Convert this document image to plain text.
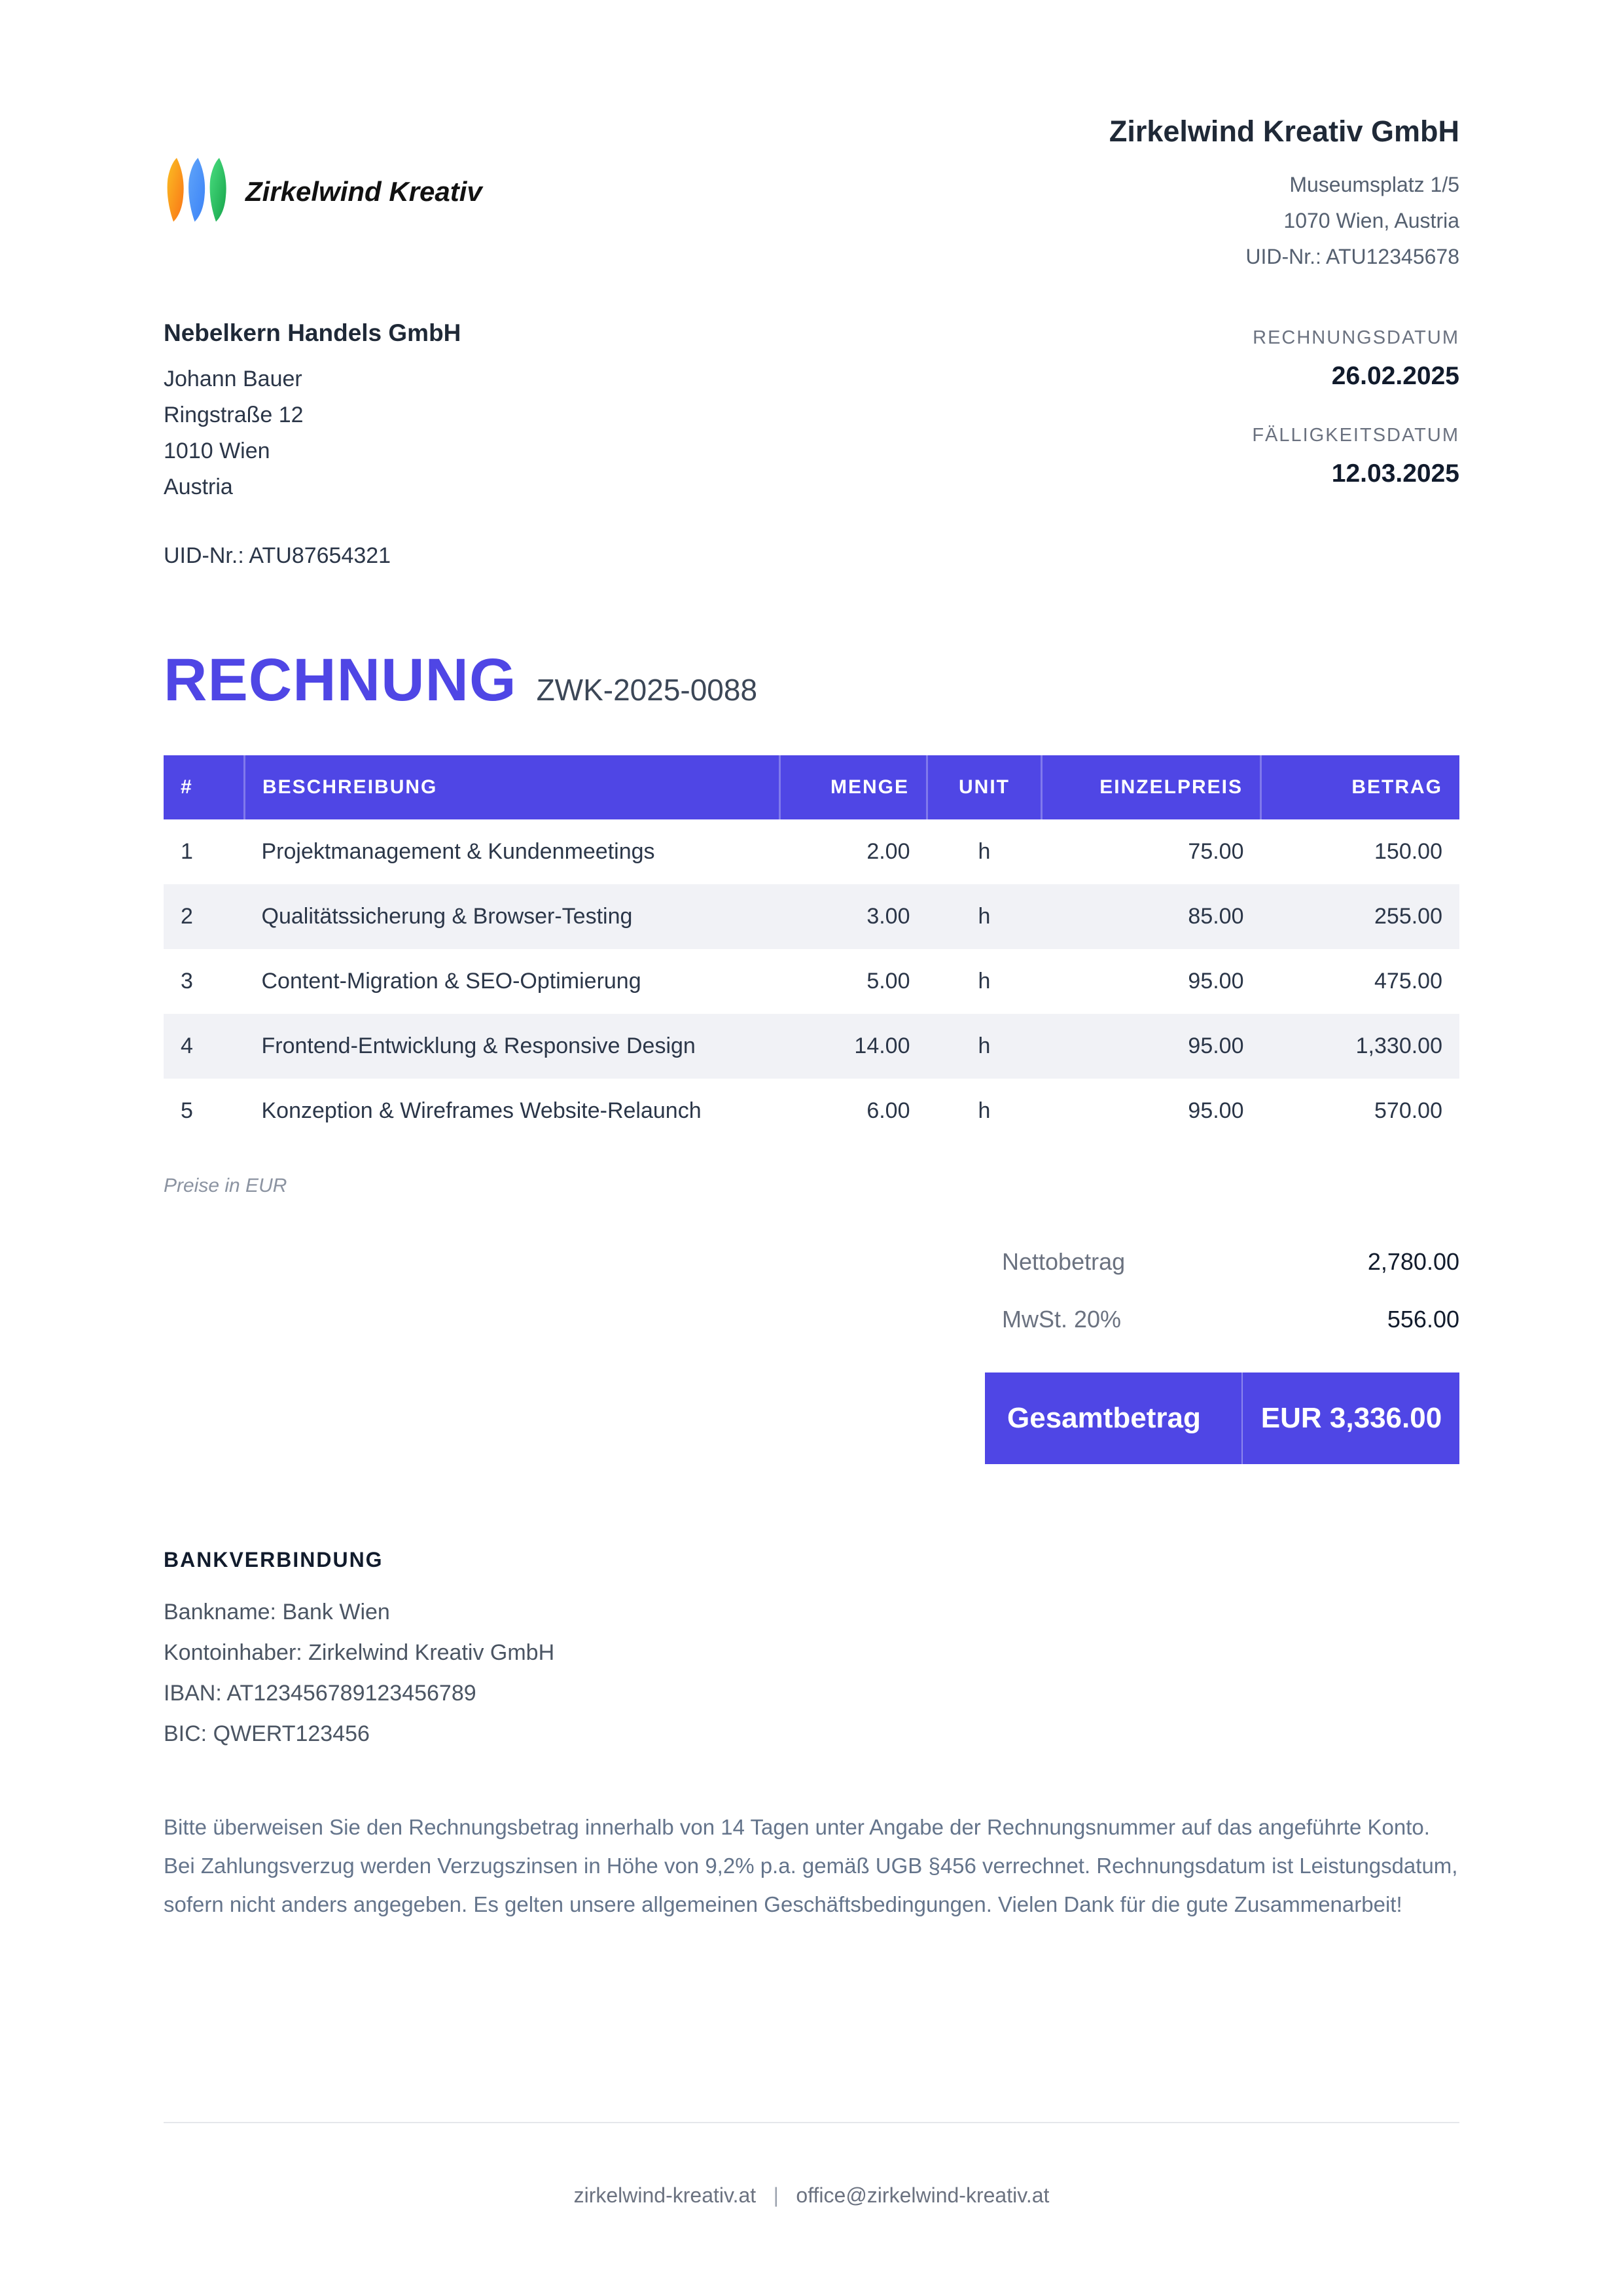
Zirkelwind Kreativ
Zirkelwind Kreativ GmbH
Museumsplatz 1/5
1070 Wien, Austria
UID-Nr.: ATU12345678
Nebelkern Handels GmbH
Johann Bauer
Ringstraße 12
1010 Wien
Austria
UID-Nr.: ATU87654321
RECHNUNGSDATUM
26.02.2025
FÄLLIGKEITSDATUM
12.03.2025
RECHNUNG ZWK-2025-0088
#	BESCHREIBUNG	MENGE	UNIT	EINZELPREIS	BETRAG
1	Projektmanagement & Kundenmeetings	2.00	h	75.00	150.00
2	Qualitätssicherung & Browser-Testing	3.00	h	85.00	255.00
3	Content-Migration & SEO-Optimierung	5.00	h	95.00	475.00
4	Frontend-Entwicklung & Responsive Design	14.00	h	95.00	1,330.00
5	Konzeption & Wireframes Website-Relaunch	6.00	h	95.00	570.00
Preise in EUR
Nettobetrag	2,780.00
MwSt. 20%	556.00
Gesamtbetrag	EUR 3,336.00
BANKVERBINDUNG
Bankname: Bank Wien
Kontoinhaber: Zirkelwind Kreativ GmbH
IBAN: AT123456789123456789
BIC: QWERT123456
Bitte überweisen Sie den Rechnungsbetrag innerhalb von 14 Tagen unter Angabe der Rechnungsnummer auf das angeführte Konto. Bei Zahlungsverzug werden Verzugszinsen in Höhe von 9,2% p.a. gemäß UGB §456 verrechnet. Rechnungsdatum ist Leistungsdatum, sofern nicht anders angegeben. Es gelten unsere allgemeinen Geschäftsbedingungen. Vielen Dank für die gute Zusammenarbeit!
zirkelwind-kreativ.at | office@zirkelwind-kreativ.at
